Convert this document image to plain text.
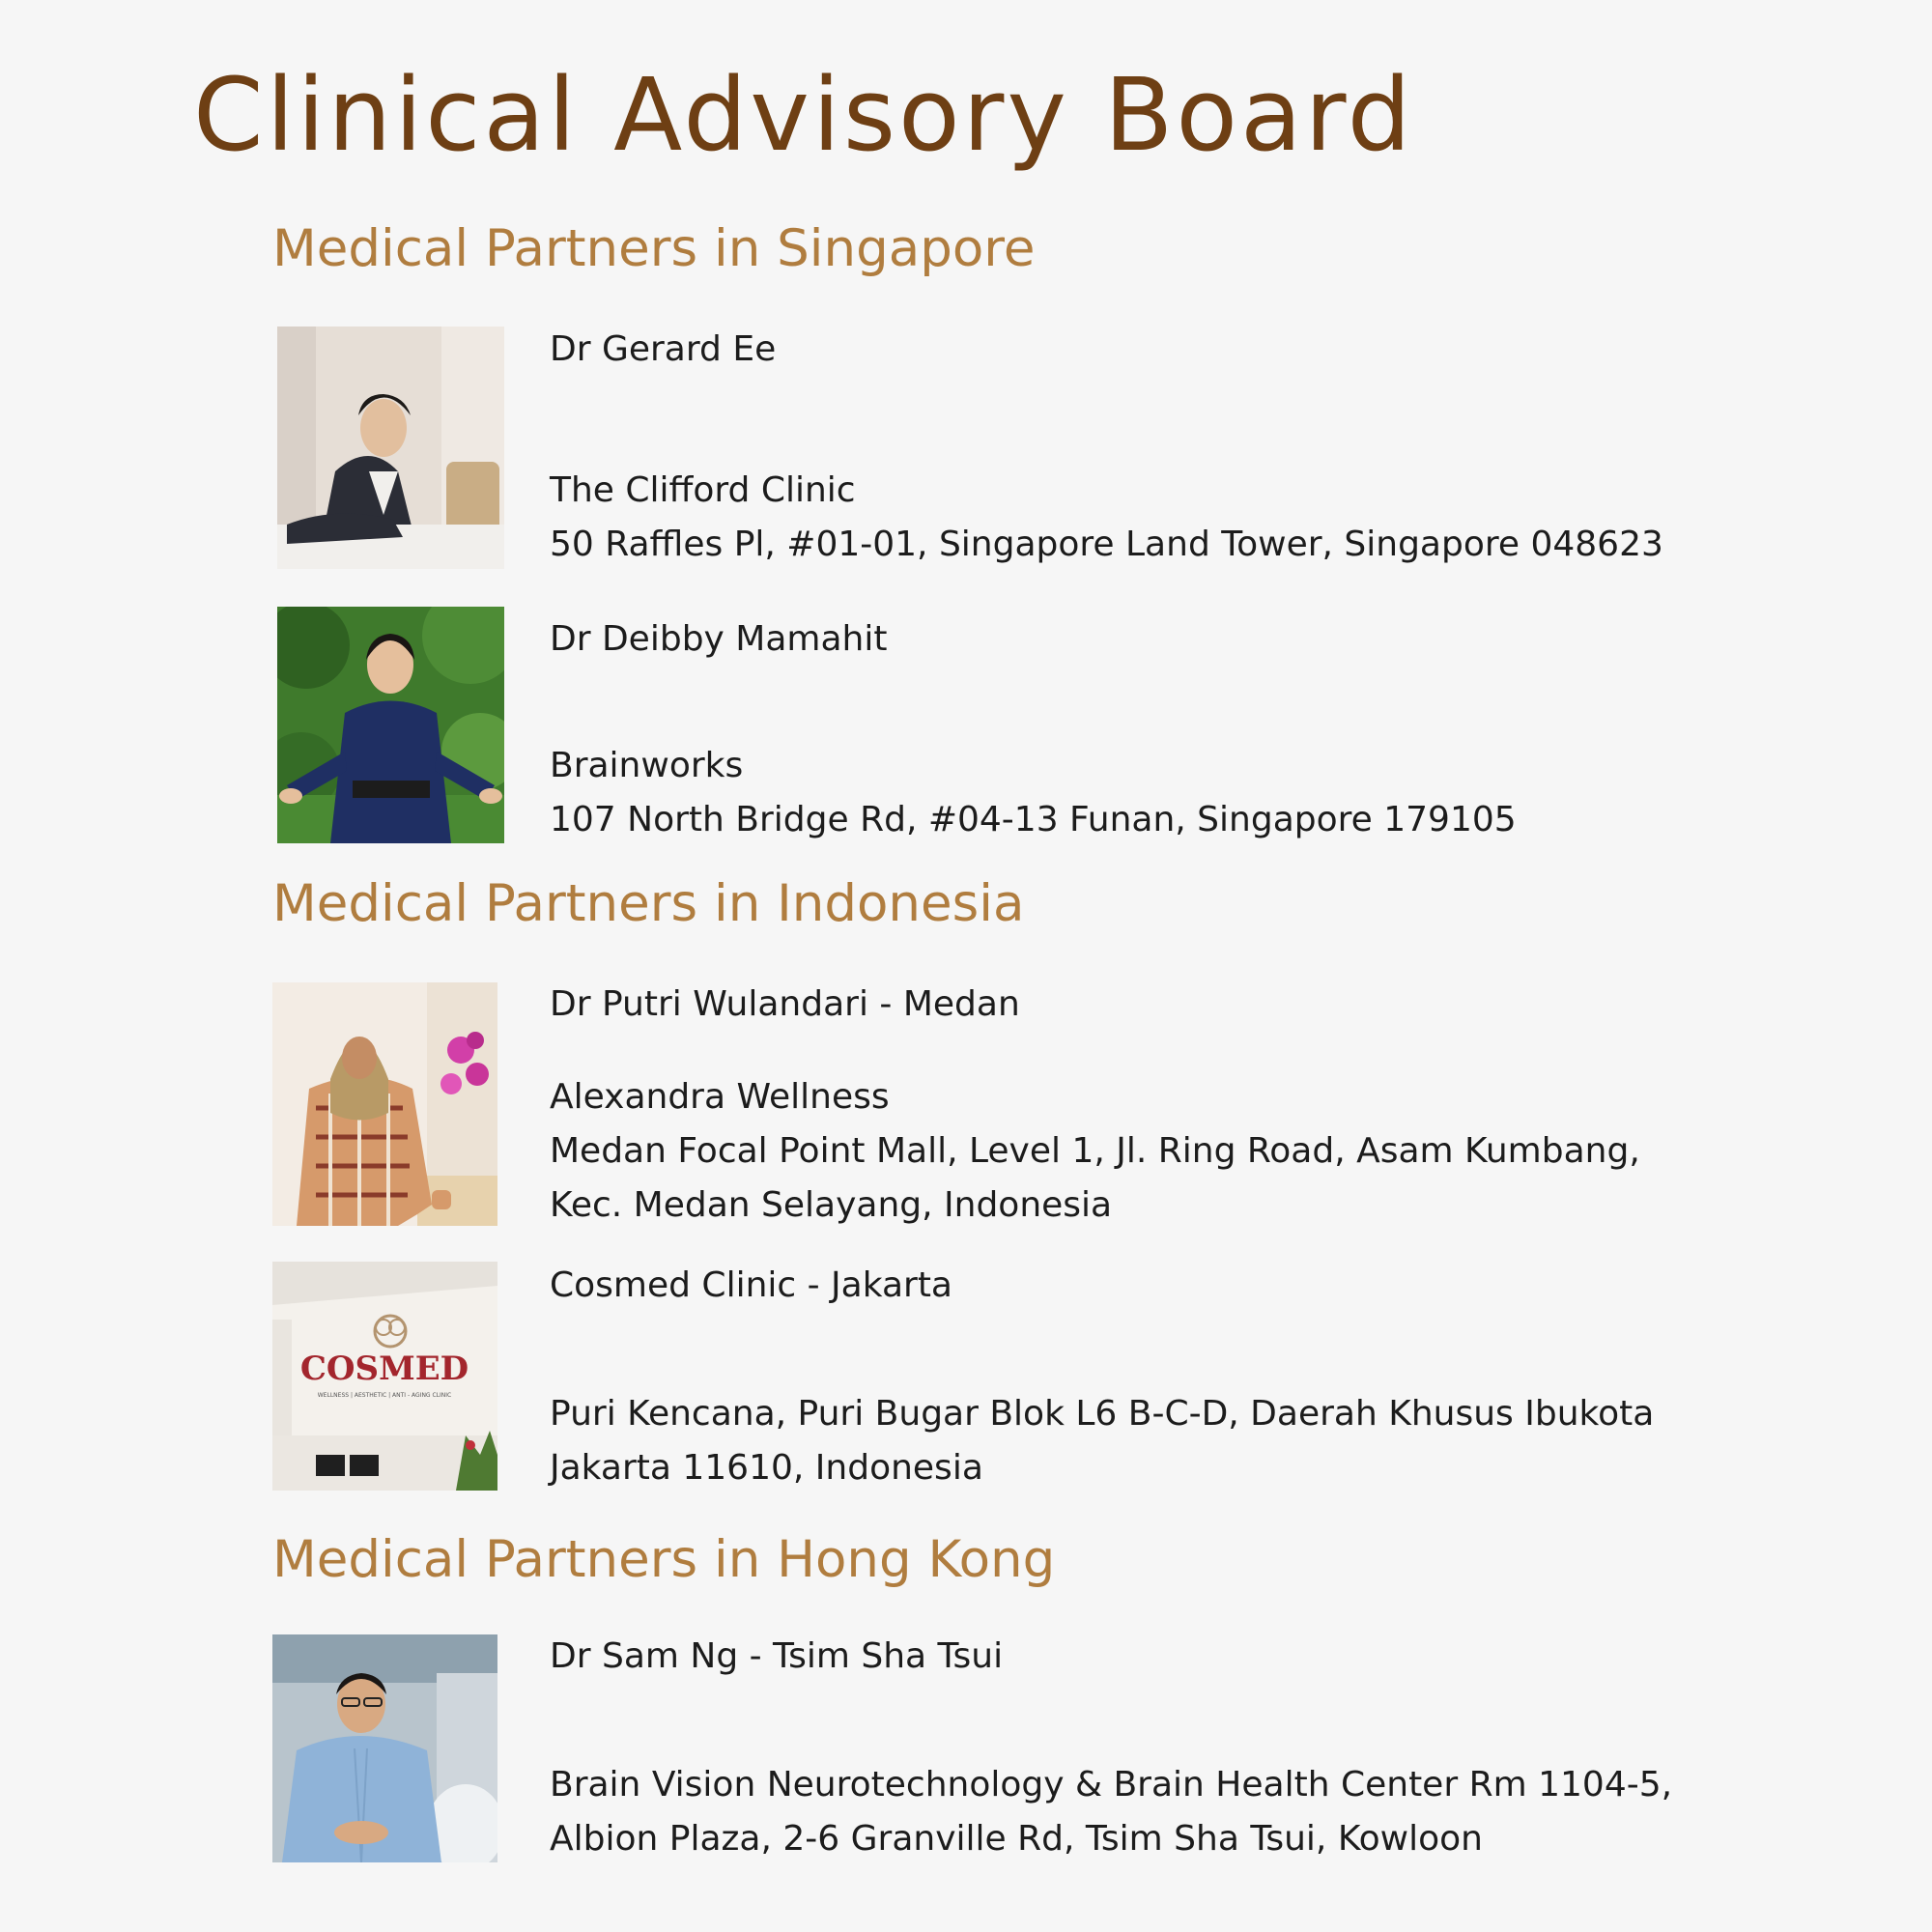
Clinical Advisory Board
Medical Partners in Singapore
Dr Gerard Ee
The Clifford Clinic
50 Raffles Pl, #01-01, Singapore Land Tower, Singapore 048623
Dr Deibby Mamahit
Brainworks
107 North Bridge Rd, #04-13 Funan, Singapore 179105
Medical Partners in Indonesia
Dr Putri Wulandari - Medan
Alexandra Wellness
Medan Focal Point Mall, Level 1, Jl. Ring Road, Asam Kumbang,
Kec. Medan Selayang, Indonesia
COSMED
WELLNESS | AESTHETIC | ANTI - AGING CLINIC
Cosmed Clinic - Jakarta
Puri Kencana, Puri Bugar Blok L6 B-C-D, Daerah Khusus Ibukota
Jakarta 11610, Indonesia
Medical Partners in Hong Kong
Dr Sam Ng - Tsim Sha Tsui
Brain Vision Neurotechnology & Brain Health Center Rm 1104-5,
Albion Plaza, 2-6 Granville Rd, Tsim Sha Tsui, Kowloon
